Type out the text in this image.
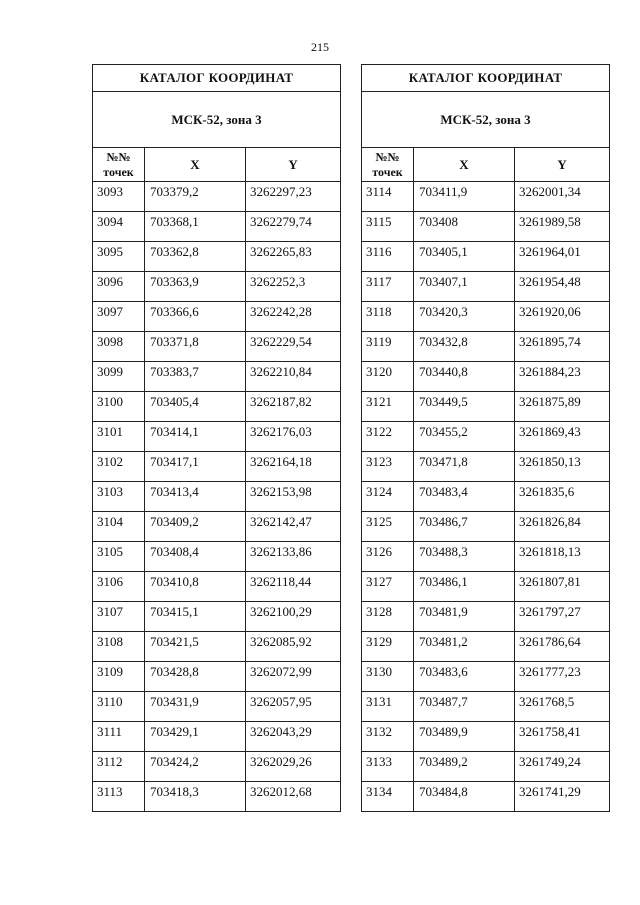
215
КАТАЛОГ КООРДИНАТ		
МСК-52, зона 3		

№№
точек	X	Y
3093	703379,2	3262297,23
3094	703368,1	3262279,74
3095	703362,8	3262265,83
3096	703363,9	3262252,3
3097	703366,6	3262242,28
3098	703371,8	3262229,54
3099	703383,7	3262210,84
3100	703405,4	3262187,82
3101	703414,1	3262176,03
3102	703417,1	3262164,18
3103	703413,4	3262153,98
3104	703409,2	3262142,47
3105	703408,4	3262133,86
3106	703410,8	3262118,44
3107	703415,1	3262100,29
3108	703421,5	3262085,92
3109	703428,8	3262072,99
3110	703431,9	3262057,95
3111	703429,1	3262043,29
3112	703424,2	3262029,26
3113	703418,3	3262012,68
КАТАЛОГ КООРДИНАТ		
МСК-52, зона 3		

№№
точек	X	Y
3114	703411,9	3262001,34
3115	703408	3261989,58
3116	703405,1	3261964,01
3117	703407,1	3261954,48
3118	703420,3	3261920,06
3119	703432,8	3261895,74
3120	703440,8	3261884,23
3121	703449,5	3261875,89
3122	703455,2	3261869,43
3123	703471,8	3261850,13
3124	703483,4	3261835,6
3125	703486,7	3261826,84
3126	703488,3	3261818,13
3127	703486,1	3261807,81
3128	703481,9	3261797,27
3129	703481,2	3261786,64
3130	703483,6	3261777,23
3131	703487,7	3261768,5
3132	703489,9	3261758,41
3133	703489,2	3261749,24
3134	703484,8	3261741,29
